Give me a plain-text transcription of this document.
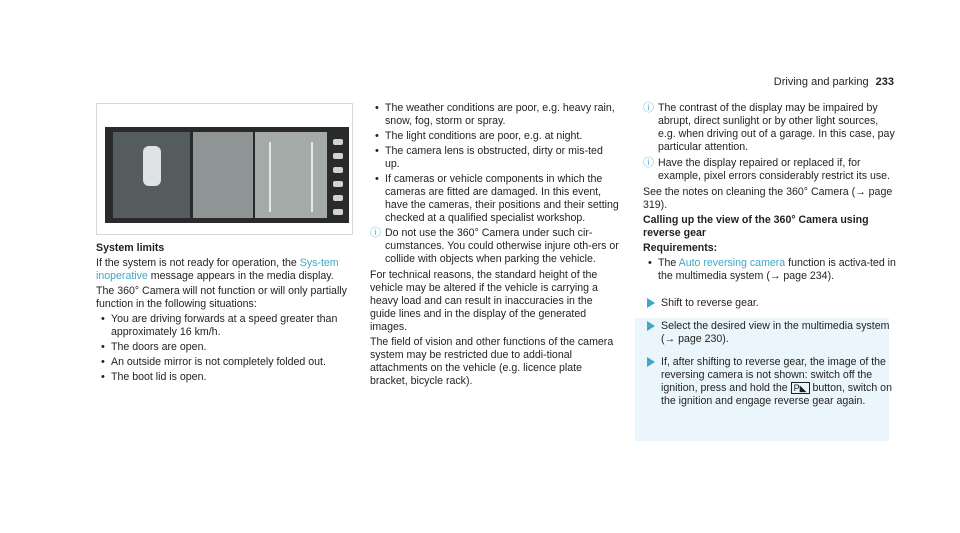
Driving and parking 233

System limits

If the system is not ready for operation, the Sys-tem inoperative message appears in the media display.

The 360° Camera will not function or will only partially function in the following situations:

• You are driving forwards at a speed greater than approximately 16 km/h.
• The doors are open.
• An outside mirror is not completely folded out.
• The boot lid is open.
• The weather conditions are poor, e.g. heavy rain, snow, fog, storm or spray.
• The light conditions are poor, e.g. at night.
• The camera lens is obstructed, dirty or mis-ted up.
• If cameras or vehicle components in which the cameras are fitted are damaged. In this event, have the cameras, their positions and their setting checked at a qualified specialist workshop.
ⓘ Do not use the 360° Camera under such cir-cumstances. You could otherwise injure oth-ers or collide with objects when parking the vehicle.

For technical reasons, the standard height of the vehicle may be altered if the vehicle is carrying a heavy load and can result in inaccuracies in the guide lines and in the display of the generated images.

The field of vision and other functions of the camera system may be restricted due to addi-tional attachments on the vehicle (e.g. licence plate bracket, bicycle rack).

ⓘ The contrast of the display may be impaired by abrupt, direct sunlight or by other light sources, e.g. when driving out of a garage. In this case, pay particular attention.
ⓘ Have the display repaired or replaced if, for example, pixel errors considerably restrict its use.

See the notes on cleaning the 360° Camera (→ page 319).

Calling up the view of the 360° Camera using reverse gear

Requirements:

• The Auto reversing camera function is activa-ted in the multimedia system (→ page 234).
Shift to reverse gear.
Select the desired view in the multimedia system (→ page 230).
If, after shifting to reverse gear, the image of the reversing camera is not shown: switch off the ignition, press and hold the P◣ button, switch on the ignition and engage reverse gear again.
